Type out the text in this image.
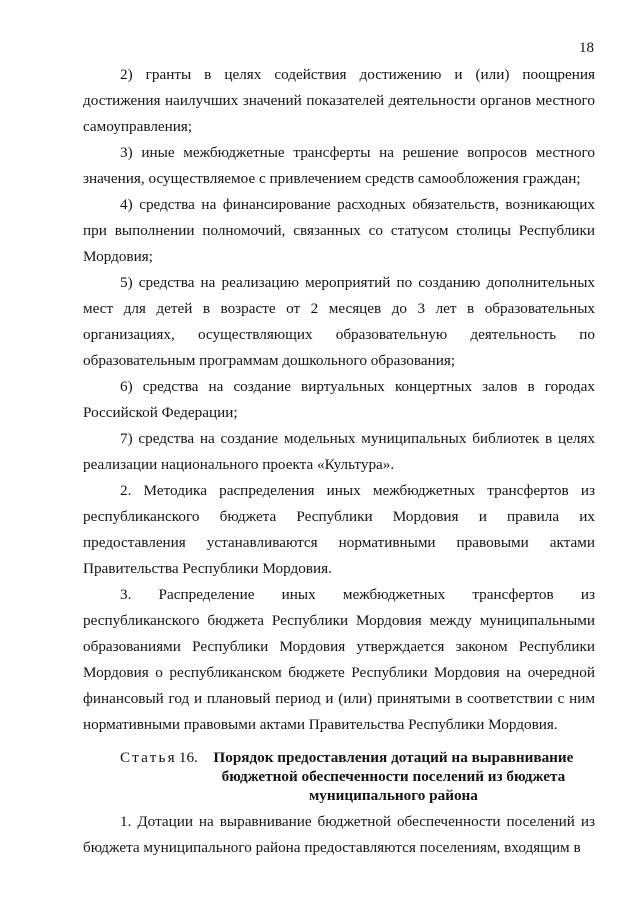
18

2) гранты в целях содействия достижению и (или) поощрения достижения наилучших значений показателей деятельности органов местного самоуправления;

3) иные межбюджетные трансферты на решение вопросов местного значения, осуществляемое с привлечением средств самообложения граждан;

4) средства на финансирование расходных обязательств, возникающих при выполнении полномочий, связанных со статусом столицы Республики Мордовия;

5) средства на реализацию мероприятий по созданию дополнительных мест для детей в возрасте от 2 месяцев до 3 лет в образовательных организациях, осуществляющих образовательную деятельность по образовательным программам дошкольного образования;

6) средства на создание виртуальных концертных залов в городах Российской Федерации;

7) средства на создание модельных муниципальных библиотек в целях реализации национального проекта «Культура».

2. Методика распределения иных межбюджетных трансфертов из республиканского бюджета Республики Мордовия и правила их предоставления устанавливаются нормативными правовыми актами Правительства Республики Мордовия.

3. Распределение иных межбюджетных трансфертов из республиканского бюджета Республики Мордовия между муниципальными образованиями Республики Мордовия утверждается законом Республики Мордовия о республиканском бюджете Республики Мордовия на очередной финансовый год и плановый период и (или) принятыми в соответствии с ним нормативными правовыми актами Правительства Республики Мордовия.

Статья 16.	Порядок предоставления дотаций на выравнивание бюджетной обеспеченности поселений из бюджета муниципального района

1. Дотации на выравнивание бюджетной обеспеченности поселений из бюджета муниципального района предоставляются поселениям, входящим в
